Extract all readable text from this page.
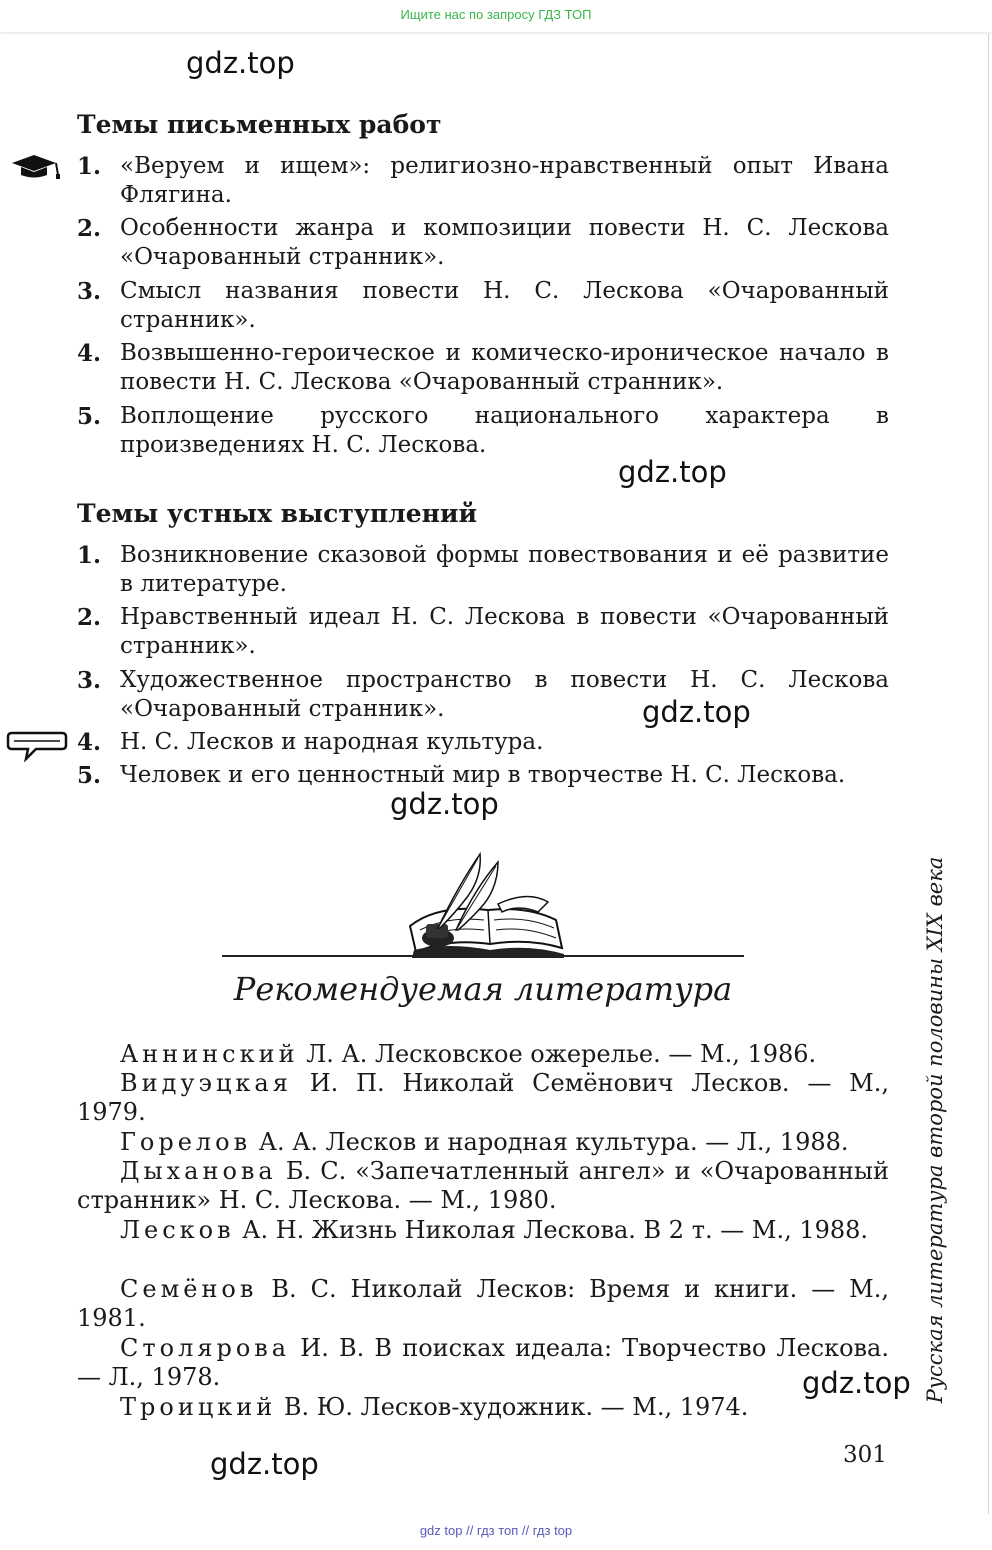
Ищите нас по запросу ГДЗ ТОП
gdz.top
Темы письменных работ
1. «Веруем и ищем»: религиозно-нравственный опыт Ивана Флягина.
2. Особенности жанра и композиции повести Н. С. Лескова «Очарованный странник».
3. Смысл названия повести Н. С. Лескова «Очарованный странник».
4. Возвышенно-героическое и комическо-ироническое начало в повести Н. С. Лескова «Очарованный странник».
5. Воплощение русского национального характера в произведениях Н. С. Лескова.
gdz.top
Темы устных выступлений
1. Возникновение сказовой формы повествования и её развитие в литературе.
2. Нравственный идеал Н. С. Лескова в повести «Очарованный странник».
3. Художественное пространство в повести Н. С. Лескова «Очарованный странник».	gdz.top
4. Н. С. Лесков и народная культура.
5. Человек и его ценностный мир в творчестве Н. С. Лескова.
gdz.top
Рекомендуемая литература
Аннинский Л. А. Лесковское ожерелье. — М., 1986.
Видуэцкая И. П. Николай Семёнович Лесков. — М., 1979.
Горелов А. А. Лесков и народная культура. — Л., 1988.
Дыханова Б. С. «Запечатленный ангел» и «Очарованный странник» Н. С. Лескова. — М., 1980.
Лесков А. Н. Жизнь Николая Лескова. В 2 т. — М., 1988.
Семёнов В. С. Николай Лесков: Время и книги. — М., 1981.
Столярова И. В. В поисках идеала: Творчество Лескова. — Л., 1978.
Троицкий В. Ю. Лесков-художник. — М., 1974.
gdz.top Русская литература второй половины XIX века
gdz.top	301
gdz top // гдз топ // гдз top
